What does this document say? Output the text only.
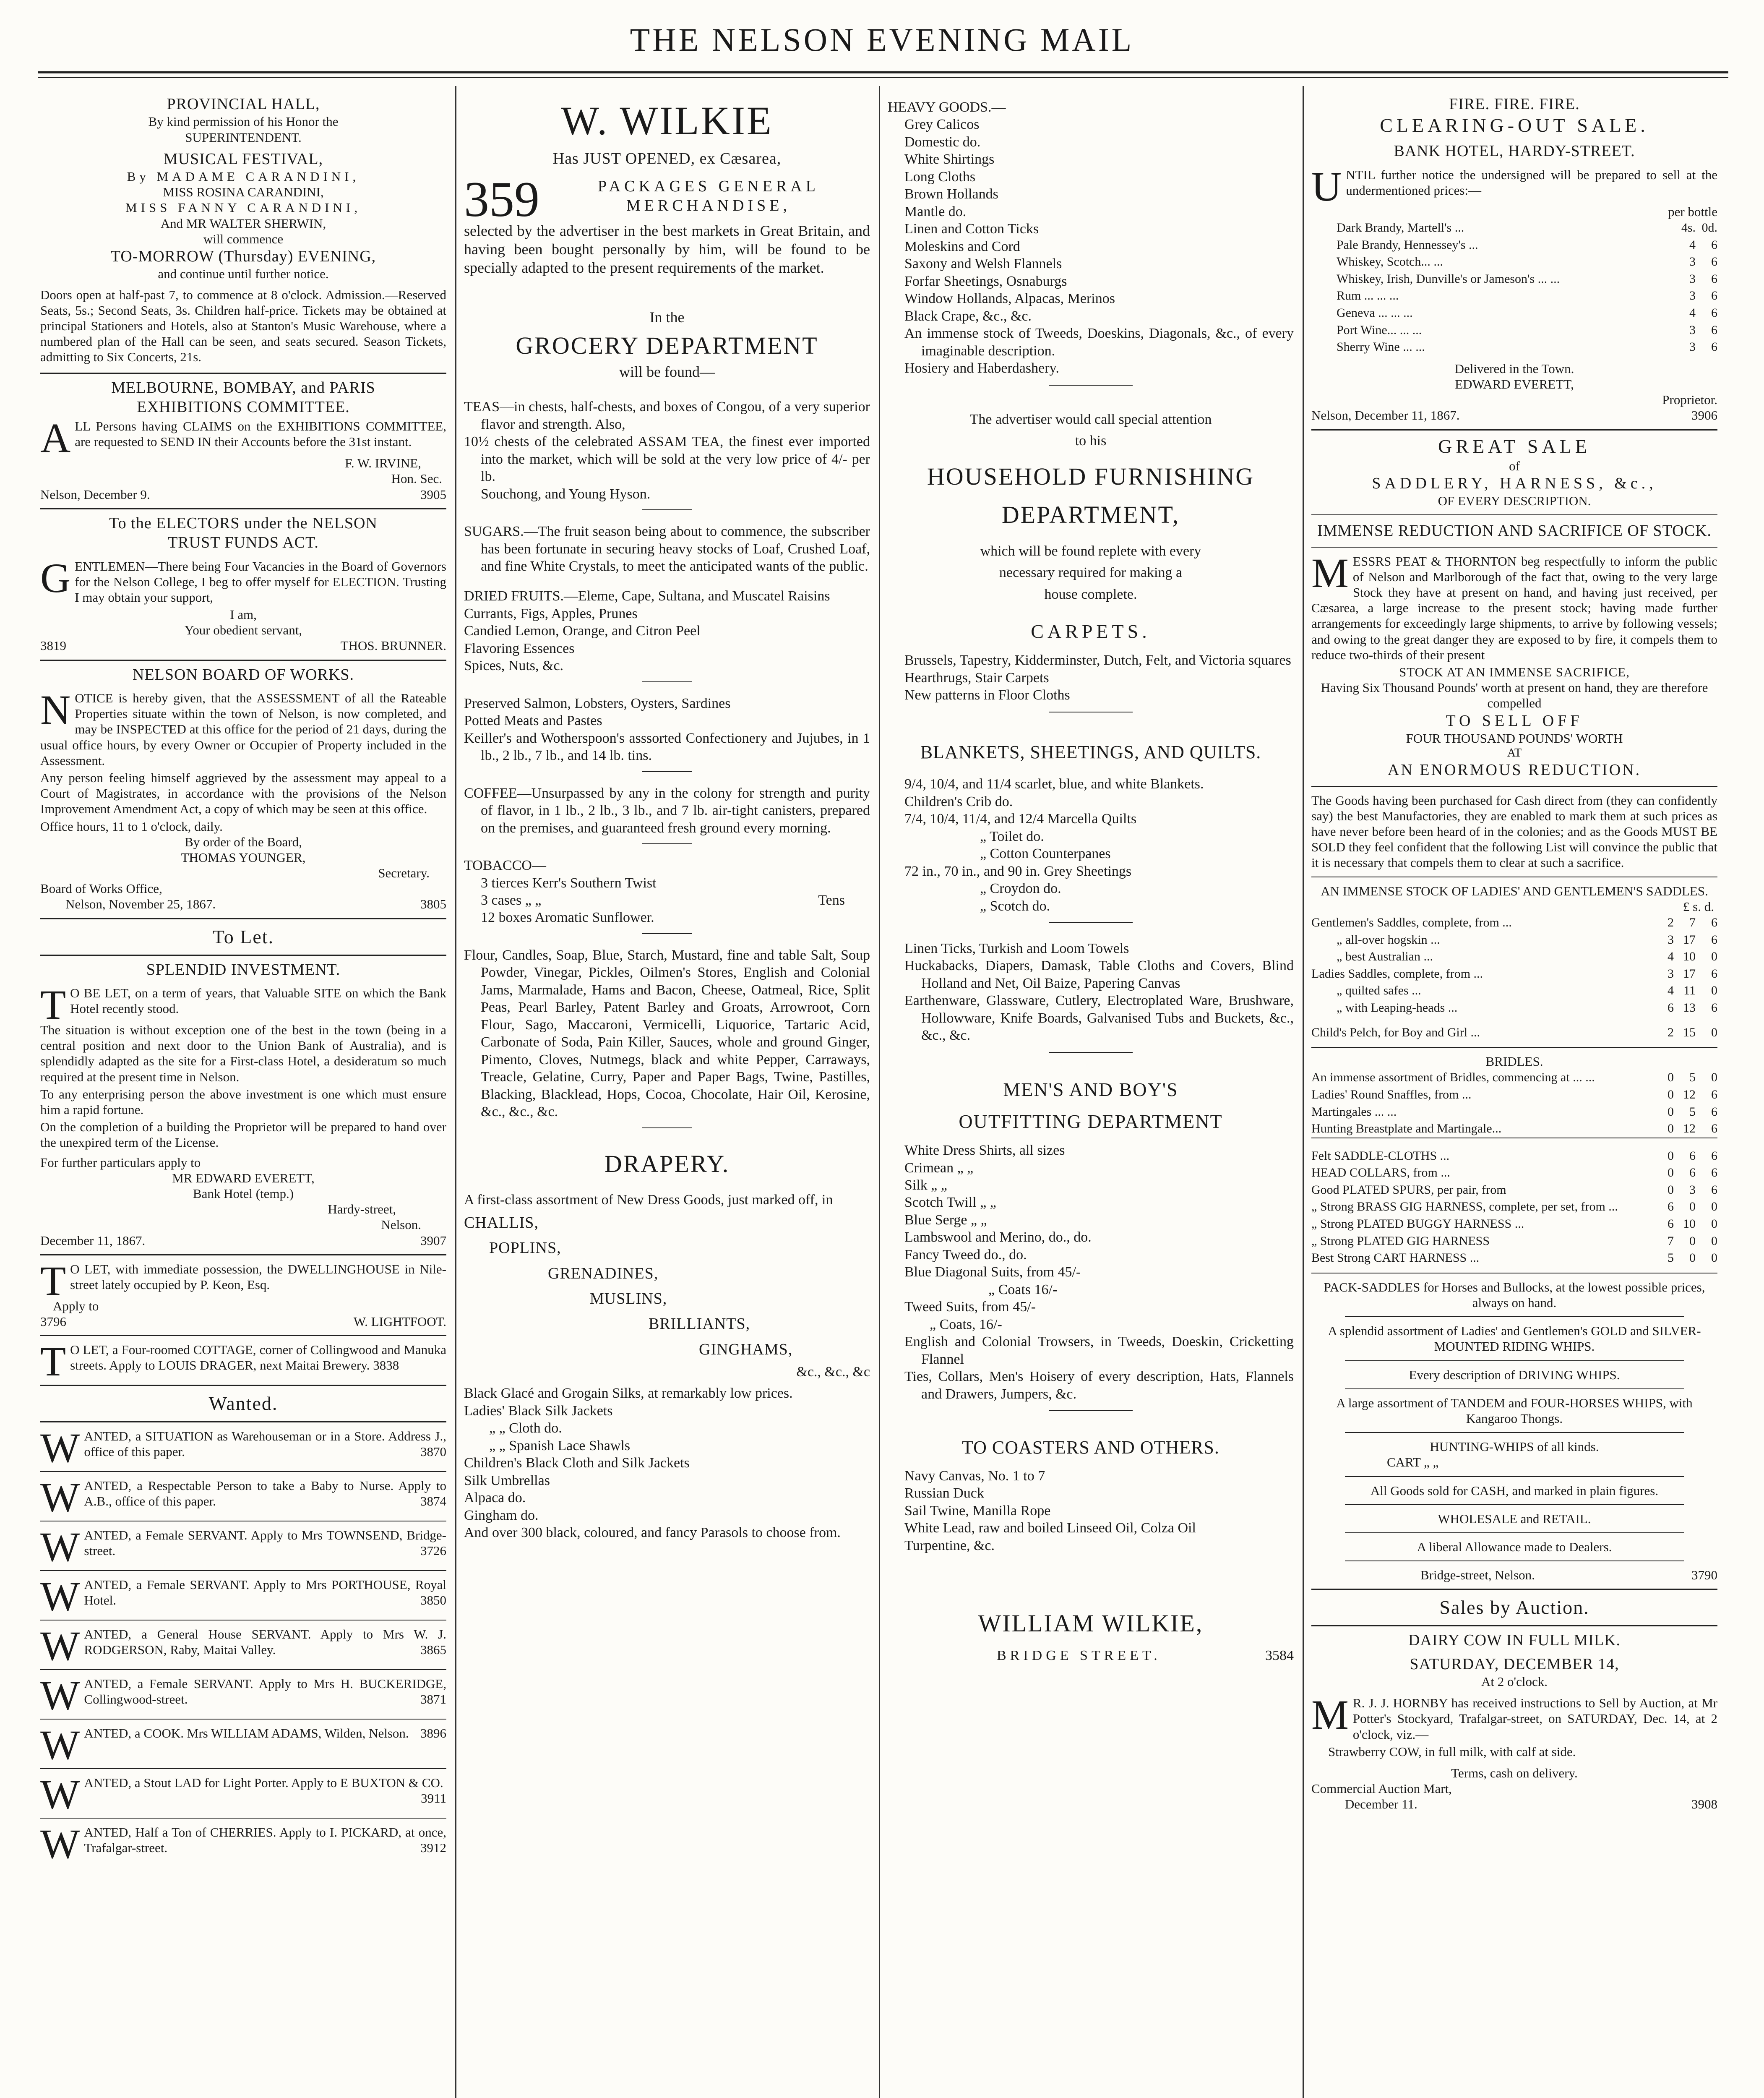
THE NELSON EVENING MAIL
PROVINCIAL HALL,
By kind permission of his Honor the
SUPERINTENDENT.
MUSICAL FESTIVAL,
By MADAME CARANDINI,
MISS ROSINA CARANDINI,
MISS FANNY CARANDINI,
And MR WALTER SHERWIN,
will commence
TO-MORROW (Thursday) EVENING,
and continue until further notice.
Doors open at half-past 7, to commence at 8 o'clock. Admission.—Reserved Seats, 5s.; Second Seats, 3s. Children half-price. Tickets may be obtained at principal Stationers and Hotels, also at Stanton's Music Warehouse, where a numbered plan of the Hall can be seen, and seats secured. Season Tickets, admitting to Six Concerts, 21s.
MELBOURNE, BOMBAY, and PARIS
EXHIBITIONS COMMITTEE.
ALL Persons having CLAIMS on the EXHIBITIONS COMMITTEE, are requested to SEND IN their Accounts before the 31st instant.
F. W. IRVINE,
Hon. Sec.
Nelson, December 9.	3905
To the ELECTORS under the NELSON
TRUST FUNDS ACT.
GENTLEMEN—There being Four Vacancies in the Board of Governors for the Nelson College, I beg to offer myself for ELECTION. Trusting I may obtain your support,
I am,
Your obedient servant,
3819	THOS. BRUNNER.
NELSON BOARD OF WORKS.
NOTICE is hereby given, that the ASSESSMENT of all the Rateable Properties situate within the town of Nelson, is now completed, and may be INSPECTED at this office for the period of 21 days, during the usual office hours, by every Owner or Occupier of Property included in the Assessment.
Any person feeling himself aggrieved by the assessment may appeal to a Court of Magistrates, in accordance with the provisions of the Nelson Improvement Amendment Act, a copy of which may be seen at this office.
Office hours, 11 to 1 o'clock, daily.
By order of the Board,
THOMAS YOUNGER,
Secretary.
Board of Works Office,
Nelson, November 25, 1867.	3805
To Let.
SPLENDID INVESTMENT.
T O BE LET, on a term of years, that Valuable SITE on which the Bank Hotel recently stood.
The situation is without exception one of the best in the town (being in a central position and next door to the Union Bank of Australia), and is splendidly adapted as the site for a First-class Hotel, a desideratum so much required at the present time in Nelson.
To any enterprising person the above investment is one which must ensure him a rapid fortune.
On the completion of a building the Proprietor will be prepared to hand over the unexpired term of the License.
For further particulars apply to
MR EDWARD EVERETT,
Bank Hotel (temp.)
Hardy-street,
Nelson.
December 11, 1867.	3907
T O LET, with immediate possession, the DWELLINGHOUSE in Nile-street lately occupied by P. Keon, Esq.
Apply to
3796	W. LIGHTFOOT.
T O LET, a Four-roomed COTTAGE, corner of Collingwood and Manuka streets. Apply to LOUIS DRAGER, next Maitai Brewery. 3838
Wanted.
WANTED, a SITUATION as Warehouseman or in a Store. Address J., office of this paper.	3870
WANTED, a Respectable Person to take a Baby to Nurse. Apply to A.B., office of this paper.	3874
WANTED, a Female SERVANT. Apply to Mrs TOWNSEND, Bridge-street.	3726
WANTED, a Female SERVANT. Apply to Mrs PORTHOUSE, Royal Hotel.	3850
WANTED, a General House SERVANT. Apply to Mrs W. J. RODGERSON, Raby, Maitai Valley.	3865
WANTED, a Female SERVANT. Apply to Mrs H. BUCKERIDGE, Collingwood-street.	3871
WANTED, a COOK. Mrs WILLIAM ADAMS, Wilden, Nelson. 3896
WANTED, a Stout LAD for Light Porter. Apply to E BUXTON & CO.
3911
WANTED, Half a Ton of CHERRIES. Apply to I. PICKARD, at once, Trafalgar-street.	3912
W. WILKIE
Has JUST OPENED, ex Cæsarea,
359	PACKAGES GENERAL
MERCHANDISE,
selected by the advertiser in the best markets in Great Britain, and having been bought personally by him, will be found to be specially adapted to the present requirements of the market.
In the
GROCERY DEPARTMENT
will be found—
TEAS—in chests, half-chests, and boxes of Congou, of a very superior flavor and strength. Also,
10½ chests of the celebrated ASSAM TEA, the finest ever imported into the market, which will be sold at the very low price of 4/- per lb.
Souchong, and Young Hyson.
SUGARS.—The fruit season being about to commence, the subscriber has been fortunate in securing heavy stocks of Loaf, Crushed Loaf, and fine White Crystals, to meet the anticipated wants of the public.
DRIED FRUITS.—Eleme, Cape, Sultana, and Muscatel Raisins
Currants, Figs, Apples, Prunes
Candied Lemon, Orange, and Citron Peel
Flavoring Essences
Spices, Nuts, &c.
Preserved Salmon, Lobsters, Oysters, Sardines
Potted Meats and Pastes
Keiller's and Wotherspoon's asssorted Confectionery and Jujubes, in 1 lb., 2 lb., 7 lb., and 14 lb. tins.
COFFEE—Unsurpassed by any in the colony for strength and purity of flavor, in 1 lb., 2 lb., 3 lb., and 7 lb. air-tight canisters, prepared on the premises, and guaranteed fresh ground every morning.
TOBACCO—
3 tierces Kerr's Southern Twist
3 cases „ „	Tens
12 boxes Aromatic Sunflower.
Flour, Candles, Soap, Blue, Starch, Mustard, fine and table Salt, Soup Powder, Vinegar, Pickles, Oilmen's Stores, English and Colonial Jams, Marmalade, Hams and Bacon, Cheese, Oatmeal, Rice, Split Peas, Pearl Barley, Patent Barley and Groats, Arrowroot, Corn Flour, Sago, Maccaroni, Vermicelli, Liquorice, Tartaric Acid, Carbonate of Soda, Pain Killer, Sauces, whole and ground Ginger, Pimento, Cloves, Nutmegs, black and white Pepper, Carraways, Treacle, Gelatine, Curry, Paper and Paper Bags, Twine, Pastilles, Blacking, Blacklead, Hops, Cocoa, Chocolate, Hair Oil, Kerosine, &c., &c., &c.
DRAPERY.
A first-class assortment of New Dress Goods, just marked off, in
CHALLIS,
POPLINS,
GRENADINES,
MUSLINS,
BRILLIANTS,
GINGHAMS,
&c., &c., &c
Black Glacé and Grogain Silks, at remarkably low prices.
Ladies' Black Silk Jackets
„ „ Cloth do.
„ „ Spanish Lace Shawls
Children's Black Cloth and Silk Jackets
Silk Umbrellas
Alpaca do.
Gingham do.
And over 300 black, coloured, and fancy Parasols to choose from.
HEAVY GOODS.—
Grey Calicos
Domestic do.
White Shirtings
Long Cloths
Brown Hollands
Mantle do.
Linen and Cotton Ticks
Moleskins and Cord
Saxony and Welsh Flannels
Forfar Sheetings, Osnaburgs
Window Hollands, Alpacas, Merinos
Black Crape, &c., &c.
An immense stock of Tweeds, Doeskins, Diagonals, &c., of every imaginable description.
Hosiery and Haberdashery.
The advertiser would call special attention
to his
HOUSEHOLD FURNISHING
DEPARTMENT,
which will be found replete with every
necessary required for making a
house complete.
CARPETS.
Brussels, Tapestry, Kidderminster, Dutch, Felt, and Victoria squares
Hearthrugs, Stair Carpets
New patterns in Floor Cloths
BLANKETS, SHEETINGS, AND QUILTS.
9/4, 10/4, and 11/4 scarlet, blue, and white Blankets.
Children's Crib do.
7/4, 10/4, 11/4, and 12/4 Marcella Quilts
„ Toilet do.
„ Cotton Counterpanes
72 in., 70 in., and 90 in. Grey Sheetings
„ Croydon do.
„ Scotch do.
Linen Ticks, Turkish and Loom Towels
Huckabacks, Diapers, Damask, Table Cloths and Covers, Blind Holland and Net, Oil Baize, Papering Canvas
Earthenware, Glassware, Cutlery, Electroplated Ware, Brushware, Hollowware, Knife Boards, Galvanised Tubs and Buckets, &c., &c., &c.
MEN'S AND BOY'S
OUTFITTING DEPARTMENT
White Dress Shirts, all sizes
Crimean „ „
Silk „ „
Scotch Twill „ „
Blue Serge „ „
Lambswool and Merino, do., do.
Fancy Tweed do., do.
Blue Diagonal Suits, from 45/-
„ Coats 16/-
Tweed Suits, from 45/-
„ Coats, 16/-
English and Colonial Trowsers, in Tweeds, Doeskin, Cricketting Flannel
Ties, Collars, Men's Hoisery of every description, Hats, Flannels and Drawers, Jumpers, &c.
TO COASTERS AND OTHERS.
Navy Canvas, No. 1 to 7
Russian Duck
Sail Twine, Manilla Rope
White Lead, raw and boiled Linseed Oil, Colza Oil
Turpentine, &c.
WILLIAM WILKIE,
BRIDGE STREET.	3584
FIRE. FIRE. FIRE.
CLEARING-OUT SALE.
BANK HOTEL, HARDY-STREET.
UNTIL further notice the undersigned will be prepared to sell at the undermentioned prices:—
per bottle
Dark Brandy, Martell's ...	4s.	0d.
Pale Brandy, Hennessey's ...	4	6
Whiskey, Scotch... ...	3	6
Whiskey, Irish, Dunville's or Jameson's ... ...	3	6
Rum ... ... ...	3	6
Geneva ... ... ...	4	6
Port Wine... ... ...	3	6
Sherry Wine ... ...	3	6
Delivered in the Town.
EDWARD EVERETT,
Proprietor.
Nelson, December 11, 1867.	3906
GREAT SALE
of
SADDLERY, HARNESS, &c.,
OF EVERY DESCRIPTION.
IMMENSE REDUCTION AND SACRIFICE OF STOCK.
MESSRS PEAT & THORNTON beg respectfully to inform the public of Nelson and Marlborough of the fact that, owing to the very large Stock they have at present on hand, and having just received, per Cæsarea, a large increase to the present stock; having made further arrangements for exceedingly large shipments, to arrive by following vessels; and owing to the great danger they are exposed to by fire, it compels them to reduce two-thirds of their present
STOCK AT AN IMMENSE SACRIFICE,
Having Six Thousand Pounds' worth at present on hand, they are therefore compelled
TO SELL OFF
FOUR THOUSAND POUNDS' WORTH
AT
AN ENORMOUS REDUCTION.
The Goods having been purchased for Cash direct from (they can confidently say) the best Manufactories, they are enabled to mark them at such prices as have never before been heard of in the colonies; and as the Goods MUST BE SOLD they feel confident that the following List will convince the public that it is necessary that compels them to clear at such a sacrifice.
AN IMMENSE STOCK OF LADIES' AND GENTLEMEN'S SADDLES.
£ s. d.
Gentlemen's Saddles, complete, from ...	2	7	6
„ all-over hogskin ...	3	17	6
„ best Australian ...	4	10	0
Ladies Saddles, complete, from ...	3	17	6
„ quilted safes ...	4	11	0
„ with Leaping-heads ...	6	13	6
Child's Pelch, for Boy and Girl ...	2	15	0
BRIDLES.
An immense assortment of Bridles, commencing at ... ...	0	5	0
Ladies' Round Snaffles, from ...	0	12	6
Martingales ... ...	0	5	6
Hunting Breastplate and Martingale...	0	12	6
Felt SADDLE-CLOTHS ...	0	6	6
HEAD COLLARS, from ...	0	6	6
Good PLATED SPURS, per pair, from	0	3	6
„ Strong BRASS GIG HARNESS, complete, per set, from ...	6	0	0
„ Strong PLATED BUGGY HARNESS ...	6	10	0
„ Strong PLATED GIG HARNESS	7	0	0
Best Strong CART HARNESS ...	5	0	0
PACK-SADDLES for Horses and Bullocks, at the lowest possible prices, always on hand.
A splendid assortment of Ladies' and Gentlemen's GOLD and SILVER-MOUNTED RIDING WHIPS.
Every description of DRIVING WHIPS.
A large assortment of TANDEM and FOUR-HORSES WHIPS, with Kangaroo Thongs.
HUNTING-WHIPS of all kinds.
CART „ „
All Goods sold for CASH, and marked in plain figures.
WHOLESALE and RETAIL.
A liberal Allowance made to Dealers.
Bridge-street, Nelson.	3790
Sales by Auction.
DAIRY COW IN FULL MILK.
SATURDAY, DECEMBER 14,
At 2 o'clock.
M R. J. J. HORNBY has received instructions to Sell by Auction, at Mr Potter's Stockyard, Trafalgar-street, on SATURDAY, Dec. 14, at 2 o'clock, viz.—
Strawberry COW, in full milk, with calf at side.
Terms, cash on delivery.
Commercial Auction Mart,
December 11.	3908
